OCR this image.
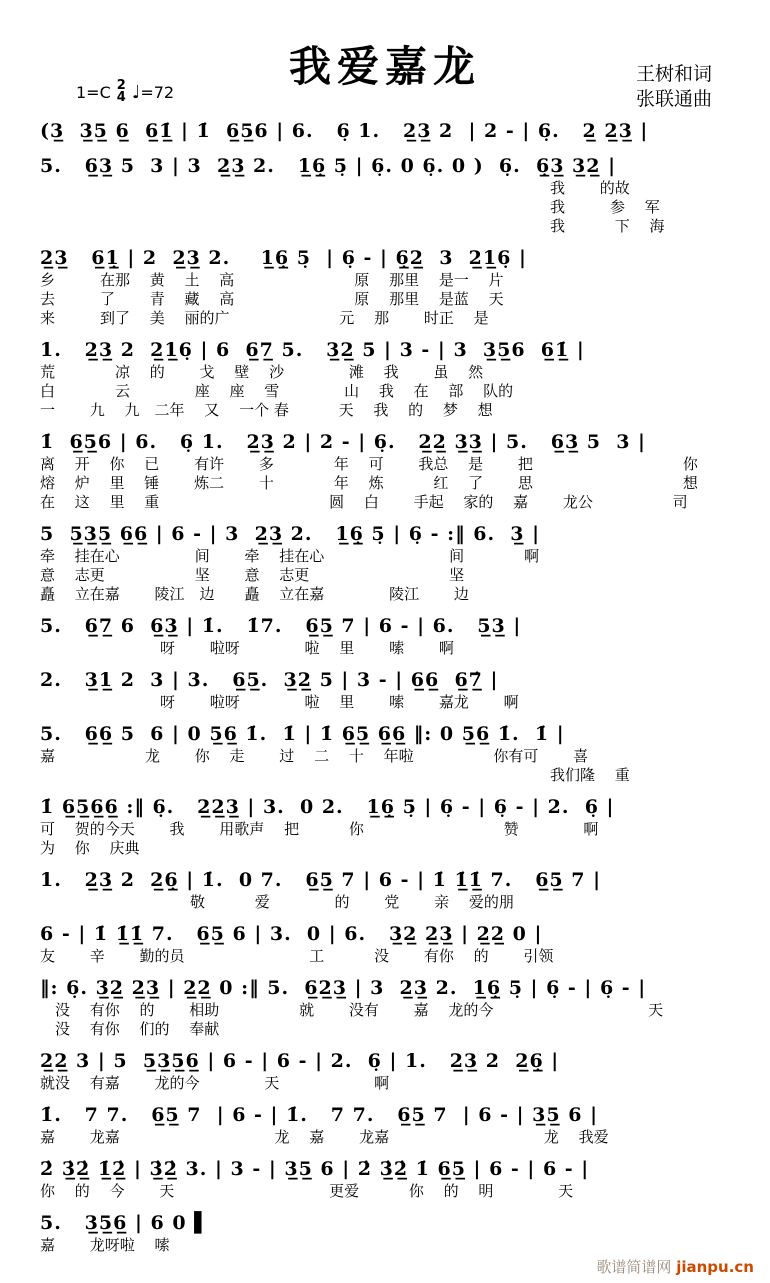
我爱嘉龙
1=C 2
4 ♩=72
王树和词
张联通曲
(3̲  3̲5̲ 6̲  6̲1̲̇ | 1̇  6̲5̲6 | 6.   6̣ 1.   2̲3̲ 2  | 2 - | 6̣.   2̲ 2̲3̲ |
5.   6̲3̲ 5  3 | 3  2̲3̲ 2.   1̲6̲̣ 5̣ | 6̣. 0 6̣. 0 )  6̣.  6̲̣3̲ 3̲2̲ |
　　　　　　　　　　　　　　　　　　　　　　　　　　　　　　　　　　我　　 的故
　　　　　　　　　　　　　　　　　　　　　　　　　　　　　　　　　　我　　　参　 军
　　　　　　　　　　　　　　　　　　　　　　　　　　　　　　　　　　我　　　 下　 海
2̲3̲   6̲1̲̣ | 2  2̲3̲ 2.    1̲6̲̣ 5̣  | 6̣ - | 6̲̣2̲  3  2̲1̲6̣ |
乡　　　在那　 黄　 土　 高　　　　　　　　原　 那里　 是一　 片
去　　　了　　 青　 藏　 高　　　　　　　　原　 那里　 是蓝　 天
来　　　到了　 美　 丽的广　　　　　　　 元　 那　　 时正　 是
1.   2̲3̲ 2  2̲1̲6̣ | 6  6̲7̲ 5.   3̲2̲ 5 | 3 - | 3  3̲5̲6  6̲1̲̇ |
荒　　　　凉　 的　　 戈　 壁　 沙　　　　 滩　 我　　 虽　 然
白　　　　云　　　　 座　 座　 雪　　　　 山　 我　 在　 部　 队的
一　　 九　 九　二年　 又　 一个 春　　　 天　 我　 的　 梦　 想
1̇  6̲5̲6 | 6.   6̣ 1.   2̲3̲ 2 | 2 - | 6̣.   2̲2̲ 3̲3̲ | 5.   6̲3̲ 5  3 |
离　 开　 你　 已　　 有许　　 多　　　　年　 可　　 我总　 是　　 把　　　　　　　　　　你
熔　 炉　 里　 锤　　 炼二　　 十　　　　年　 炼　　　 红　 了　　 思　　　　　　　　　　想
在　 这　 里　 重　　　　　　　　　　　 圆　 白　　 手起　 家的　 嘉　　 龙公　　　　　 司
5  5̲3̲5̲ 6̲6̲ | 6 - | 3  2̲3̲ 2.   1̲6̲̣ 5̣ | 6̣ - :‖ 6.  3̲ |
牵　 挂在心　　　　　间　　 牵　 挂在心　　　　　　　　 间　　　　啊
意　 志更　　　　　　坚　　 意　 志更　　　　　　　　　 坚
矗　 立在嘉　　 陵江　边　　矗　 立在嘉　　　　 陵江　　 边
5.   6̲7̲ 6  6̲3̲ | 1̇.   1̇7.   6̲5̲ 7 | 6 - | 6.   5̲3̲ |
　　　　　　　　呀　　 啦呀　　　　 啦　 里　　 嗦　　 啊
2.   3̲1̲ 2  3 | 3.   6̲5̲.  3̲2̲ 5 | 3 - | 6̲6̲  6̲7̲̇ |
　　　　　　　　呀　　 啦呀　　　　 啦　 里　　 嗦　　 嘉龙　　 啊
5.   6̲6̲ 5  6 | 0 5̲6̲ 1̇.  1̇ | 1̇ 6̲5̲ 6̲6̲ ‖: 0 5̲6̲ 1̇.  1̇ |
嘉　　　　　　龙　　 你　 走　　 过　 二　 十　 年啦　　　　　 你有可　　 喜
　　　　　　　　　　　　　　　　　　　　　　　　　　　　　　　　　　我们隆　 重
1̇ 6̲5̲6̲6̲ :‖ 6̣.   2̲2̲3̲ | 3.  0 2.   1̲6̲̣ 5̣ | 6̣ - | 6̣ - | 2.  6̣ |
可　 贺的今天　　 我　　 用歌声　 把　　　 你　　　　　　　　　 赞　　　　 啊
为　 你　 庆典
1.   2̲3̲ 2  2̲6̲̣ | 1̇.  0 7.   6̲5̲ 7 | 6 - | 1̇ 1̲̇1̲̇ 7.   6̲5̲ 7 |
　　　　　　　　　　敬　　　 爱　　　　 的　　 党　　 亲　 爱的朋
6 - | 1̇ 1̲̇1̲̇ 7.   6̲5̲ 6 | 3.  0 | 6.   3̲2̲ 2̲3̲ | 2̲2̲ 0 |
友　　 辛　　 勤的员　　　　　　　　 工　　　 没　　 有你　 的　　 引领
‖: 6̣. 3̲2̲ 2̲3̲ | 2̲2̲ 0 :‖ 5.  6̲2̲3̲ | 3  2̲3̲ 2.  1̲6̲̣ 5̣ | 6̣ - | 6̣ - |
　没　 有你　 的　　 相助　　　　　 就　　 没有　　 嘉　 龙的今　　　　　　　　　　 天
　没　 有你　 们的　 奉献
2̲2̲ 3 | 5  5̲3̲5̲6̲ | 6 - | 6 - | 2.  6̣ | 1.   2̲3̲ 2  2̲6̲̣ |
就没　 有嘉　　 龙的今　　　　 天　　　　　　 啊
1̇.   7 7.   6̲5̲ 7  | 6 - | 1̇.   7 7.   6̲5̲ 7  | 6 - | 3̲5̲ 6 |
嘉　　 龙嘉　　　　　　　　　　 龙　 嘉　　 龙嘉　　　　　　　　　　 龙　 我爱
2̇ 3̲̇2̲̇ 1̲̇2̲̇ | 3̲̇2̲̇ 3. | 3 - | 3̲5̲ 6 | 2̇ 3̲̇2̲̇ 1̇ 6̲5̲ | 6 - | 6 - |
你　 的　 今　　 天　　　　　　　　　　 更爱　　　 你　 的　 明　　　　 天
5.   3̲5̲6̲ | 6 0 ▌
嘉　　 龙呀啦　 嗦
歌谱简谱网 jianpu.cn
